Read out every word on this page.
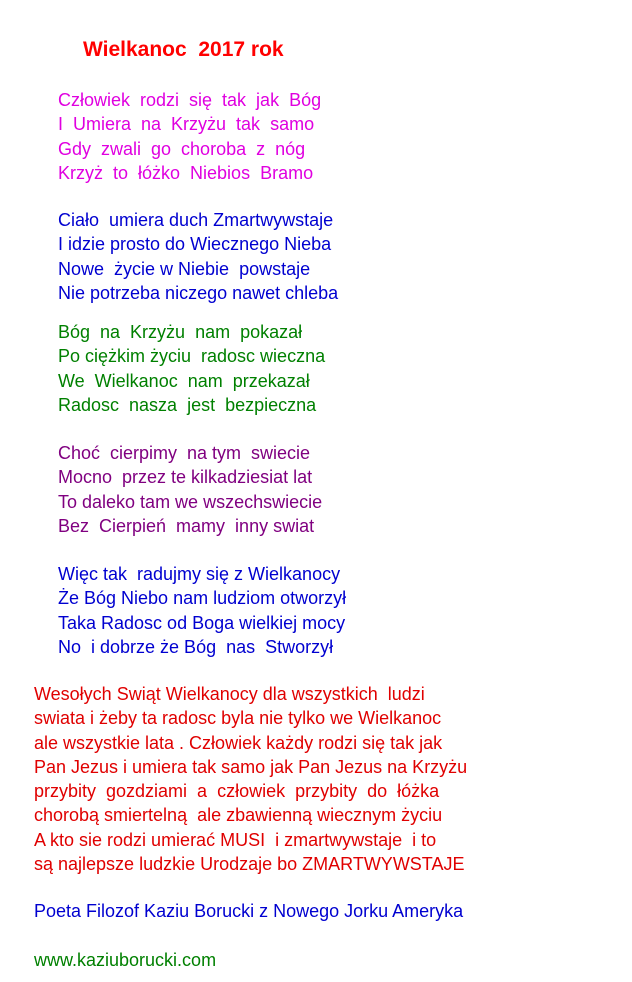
Wielkanoc  2017 rok
Człowiek  rodzi  się  tak  jak  Bóg
I  Umiera  na  Krzyżu  tak  samo
Gdy  zwali  go  choroba  z  nóg
Krzyż  to  łóżko  Niebios  Bramo
Ciało  umiera duch Zmartwywstaje
I idzie prosto do Wiecznego Nieba
Nowe  życie w Niebie  powstaje
Nie potrzeba niczego nawet chleba
Bóg  na  Krzyżu  nam  pokazał
Po ciężkim życiu  radosc wieczna
We  Wielkanoc  nam  przekazał
Radosc  nasza  jest  bezpieczna
Choć  cierpimy  na tym  swiecie
Mocno  przez te kilkadziesiat lat
To daleko tam we wszechswiecie
Bez  Cierpień  mamy  inny swiat
Więc tak  radujmy się z Wielkanocy
Że Bóg Niebo nam ludziom otworzył
Taka Radosc od Boga wielkiej mocy
No  i dobrze że Bóg  nas  Stworzył
Wesołych Swiąt Wielkanocy dla wszystkich  ludzi
swiata i żeby ta radosc byla nie tylko we Wielkanoc
ale wszystkie lata . Człowiek każdy rodzi się tak jak
Pan Jezus i umiera tak samo jak Pan Jezus na Krzyżu
przybity  gozdziami  a  człowiek  przybity  do  łóżka
chorobą smiertelną  ale zbawienną wiecznym życiu
A kto sie rodzi umierać MUSI  i zmartwywstaje  i to
są najlepsze ludzkie Urodzaje bo ZMARTWYWSTAJE
Poeta Filozof Kaziu Borucki z Nowego Jorku Ameryka
www.kaziuborucki.com
